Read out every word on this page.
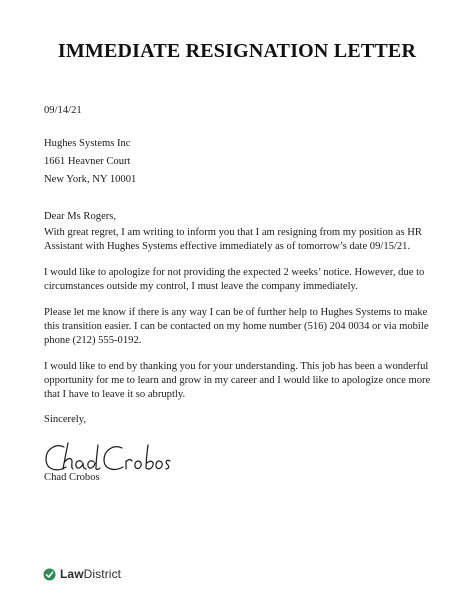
IMMEDIATE RESIGNATION LETTER
09/14/21
Hughes Systems Inc
1661 Heavner Court
New York, NY 10001
Dear Ms Rogers,
With great regret, I am writing to inform you that I am resigning from my position as HR Assistant with Hughes Systems effective immediately as of tomorrow’s date 09/15/21.
I would like to apologize for not providing the expected 2 weeks’ notice. However, due to circumstances outside my control, I must leave the company immediately.
Please let me know if there is any way I can be of further help to Hughes Systems to make this transition easier. I can be contacted on my home number (516) 204 0034 or via mobile phone (212) 555-0192.
I would like to end by thanking you for your understanding. This job has been a wonderful opportunity for me to learn and grow in my career and I would like to apologize once more that I have to leave it so abruptly.
Sincerely,
Chad Crobos
LawDistrict
